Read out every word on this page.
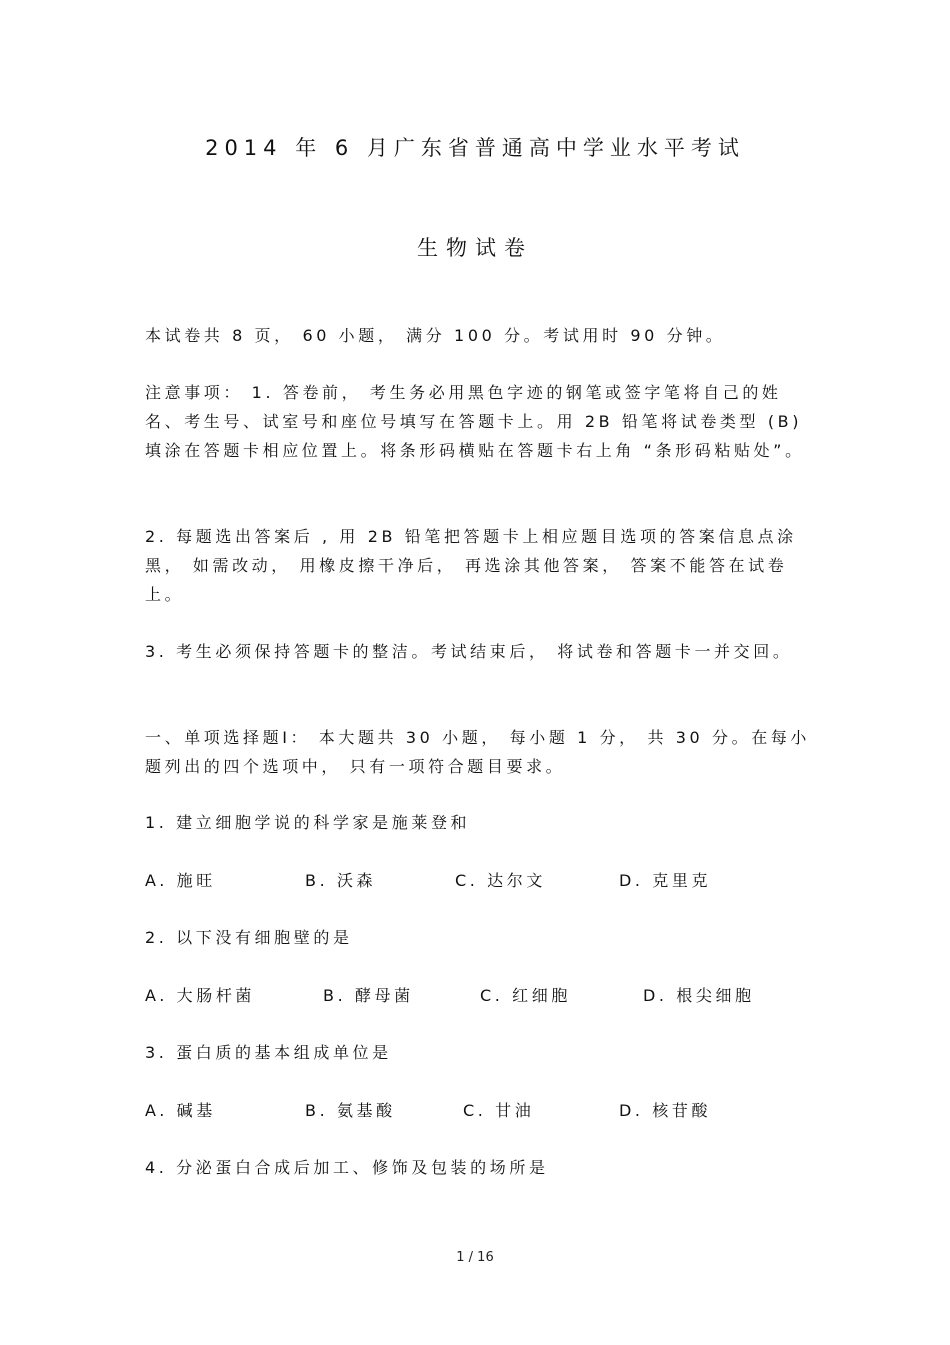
2014 年 6 月广东省普通高中学业水平考试
生物试卷
本试卷共 8 页， 60 小题， 满分 100 分。考试用时 90 分钟。
注意事项： 1. 答卷前， 考生务必用黑色字迹的钢笔或签字笔将自己的姓名、考生号、试室号和座位号填写在答题卡上。用 2B 铅笔将试卷类型 (B)填涂在答题卡相应位置上。将条形码横贴在答题卡右上角 “条形码粘贴处”。
2. 每题选出答案后 , 用 2B 铅笔把答题卡上相应题目选项的答案信息点涂黑， 如需改动， 用橡皮擦干净后， 再选涂其他答案， 答案不能答在试卷上。
3. 考生必须保持答题卡的整洁。考试结束后， 将试卷和答题卡一并交回。
一、单项选择题Ⅰ： 本大题共 30 小题， 每小题 1 分， 共 30 分。在每小题列出的四个选项中， 只有一项符合题目要求。
1. 建立细胞学说的科学家是施莱登和
A. 施旺	B. 沃森	C. 达尔文	D. 克里克
2. 以下没有细胞壁的是
A. 大肠杆菌	B. 酵母菌	C. 红细胞	D. 根尖细胞
3. 蛋白质的基本组成单位是
A. 碱基	B. 氨基酸	C. 甘油	D. 核苷酸
4. 分泌蛋白合成后加工、修饰及包装的场所是
1 / 16
